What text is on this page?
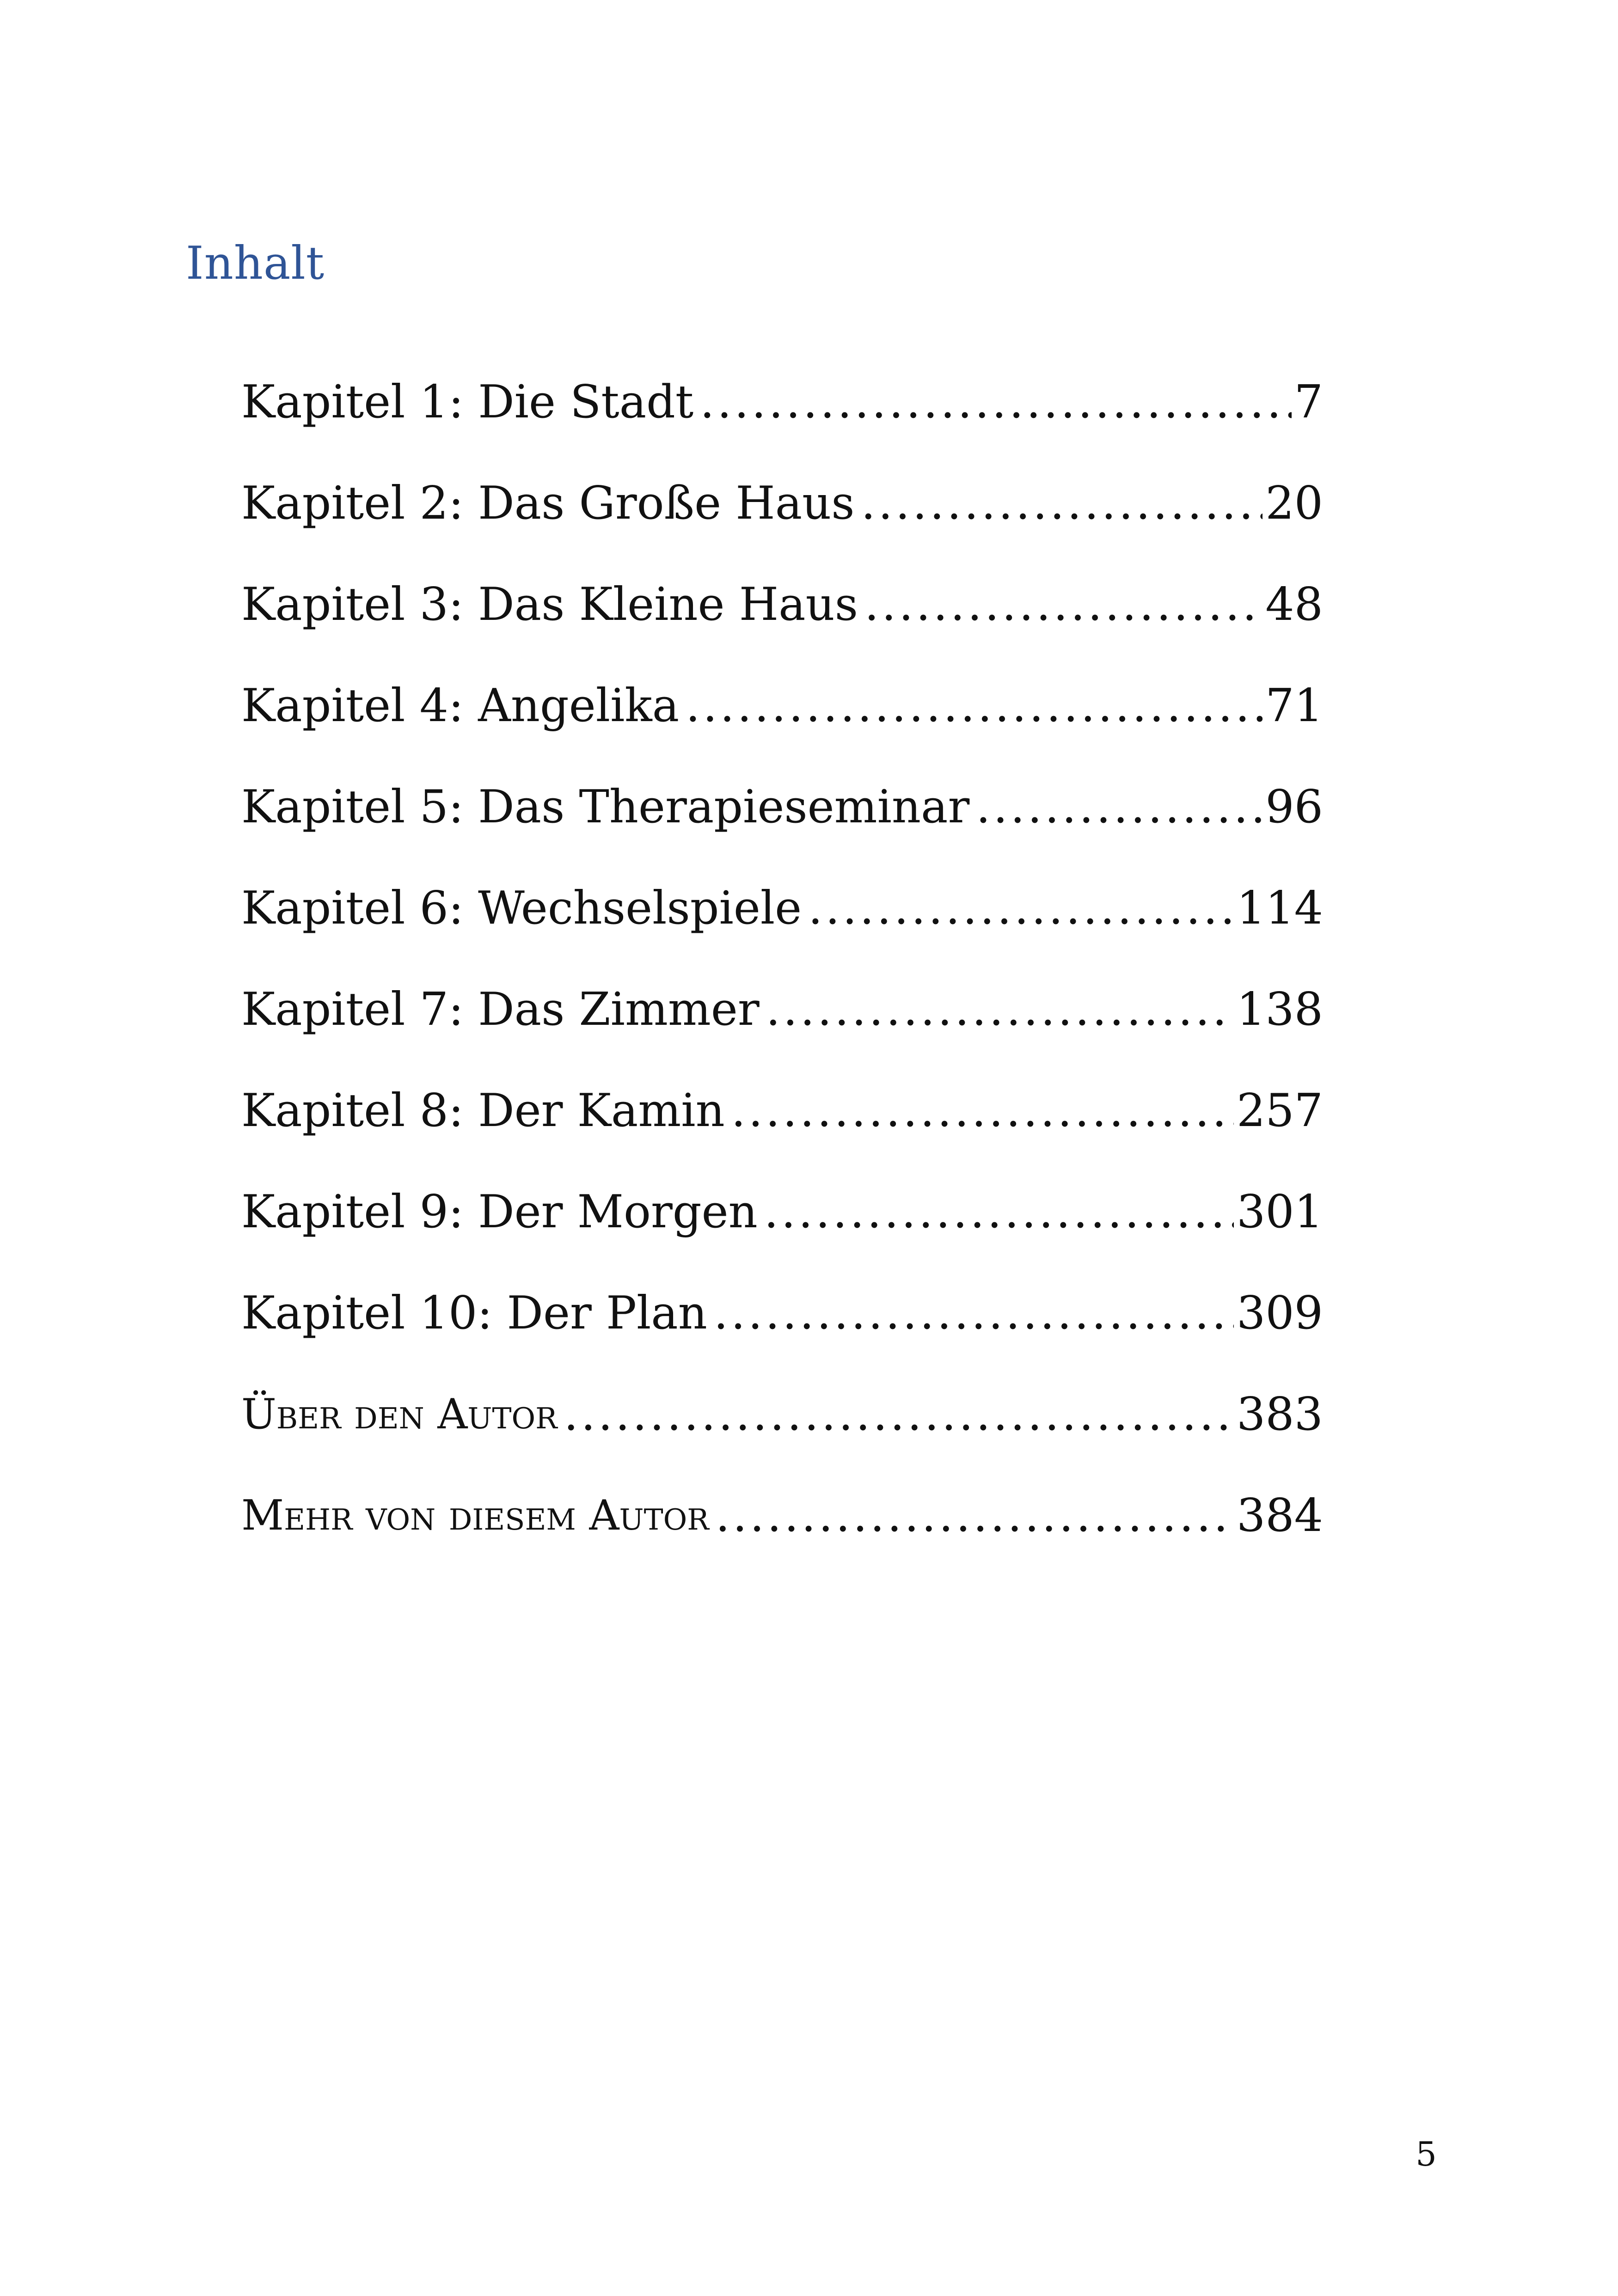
Inhalt
Kapitel 1: Die Stadt .....	7
Kapitel 2: Das Große Haus .....	20
Kapitel 3: Das Kleine Haus .....	48
Kapitel 4: Angelika .....	71
Kapitel 5: Das Therapieseminar .....	96
Kapitel 6: Wechselspiele .....	114
Kapitel 7: Das Zimmer .....	138
Kapitel 8: Der Kamin .....	257
Kapitel 9: Der Morgen .....	301
Kapitel 10: Der Plan .....	309
Über den Autor .....	383
Mehr von diesem Autor .....	384
5
